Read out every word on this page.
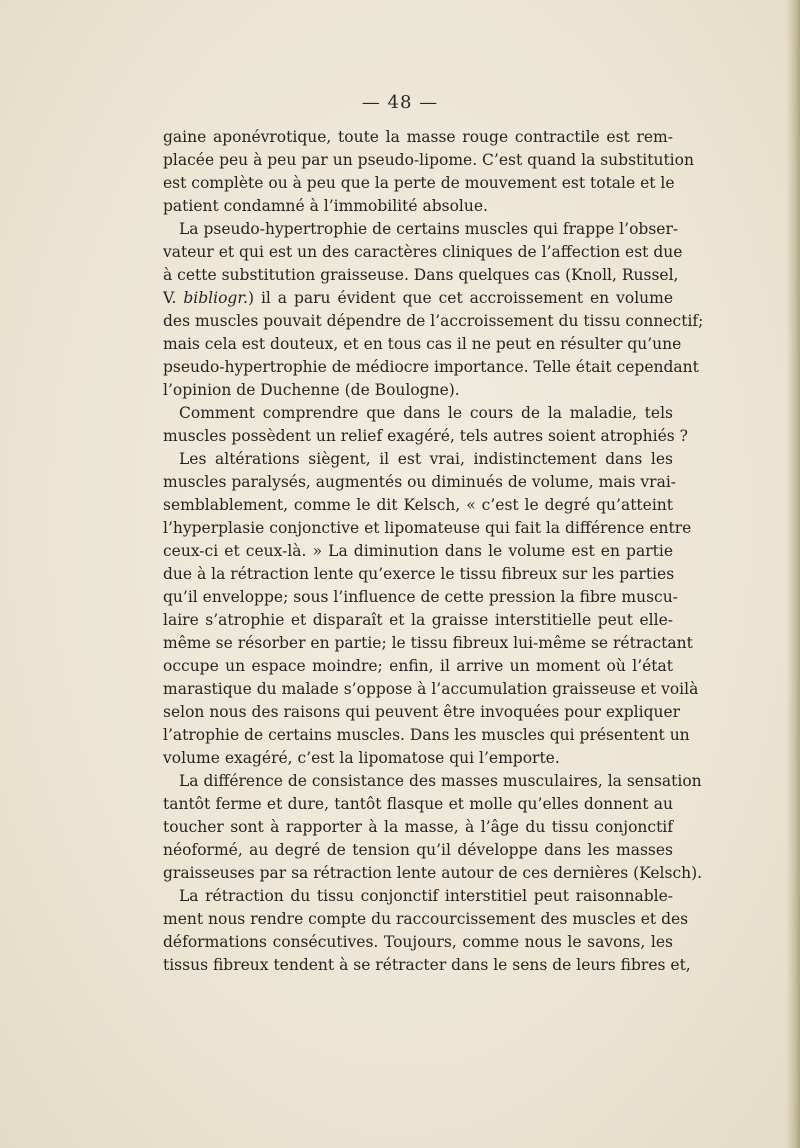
— 48 —
gaine aponévrotique, toute la masse rouge contractile est rem-
placée peu à peu par un pseudo-lipome. C’est quand la substitution
est complète ou à peu que la perte de mouvement est totale et le
patient condamné à l’immobilité absolue.
La pseudo-hypertrophie de certains muscles qui frappe l’obser-
vateur et qui est un des caractères cliniques de l’affection est due
à cette substitution graisseuse. Dans quelques cas (Knoll, Russel,
V. bibliogr.) il a paru évident que cet accroissement en volume
des muscles pouvait dépendre de l’accroissement du tissu connectif;
mais cela est douteux, et en tous cas il ne peut en résulter qu’une
pseudo-hypertrophie de médiocre importance. Telle était cependant
l’opinion de Duchenne (de Boulogne).
Comment comprendre que dans le cours de la maladie, tels
muscles possèdent un relief exagéré, tels autres soient atrophiés ?
Les altérations siègent, il est vrai, indistinctement dans les
muscles paralysés, augmentés ou diminués de volume, mais vrai-
semblablement, comme le dit Kelsch, « c’est le degré qu’atteint
l’hyperplasie conjonctive et lipomateuse qui fait la différence entre
ceux-ci et ceux-là. » La diminution dans le volume est en partie
due à la rétraction lente qu’exerce le tissu fibreux sur les parties
qu’il enveloppe; sous l’influence de cette pression la fibre muscu-
laire s’atrophie et disparaît et la graisse interstitielle peut elle-
même se résorber en partie; le tissu fibreux lui-même se rétractant
occupe un espace moindre; enfin, il arrive un moment où l’état
marastique du malade s’oppose à l’accumulation graisseuse et voilà
selon nous des raisons qui peuvent être invoquées pour expliquer
l’atrophie de certains muscles. Dans les muscles qui présentent un
volume exagéré, c’est la lipomatose qui l’emporte.
La différence de consistance des masses musculaires, la sensation
tantôt ferme et dure, tantôt flasque et molle qu’elles donnent au
toucher sont à rapporter à la masse, à l’âge du tissu conjonctif
néoformé, au degré de tension qu’il développe dans les masses
graisseuses par sa rétraction lente autour de ces dernières (Kelsch).
La rétraction du tissu conjonctif interstitiel peut raisonnable-
ment nous rendre compte du raccourcissement des muscles et des
déformations consécutives. Toujours, comme nous le savons, les
tissus fibreux tendent à se rétracter dans le sens de leurs fibres et,
